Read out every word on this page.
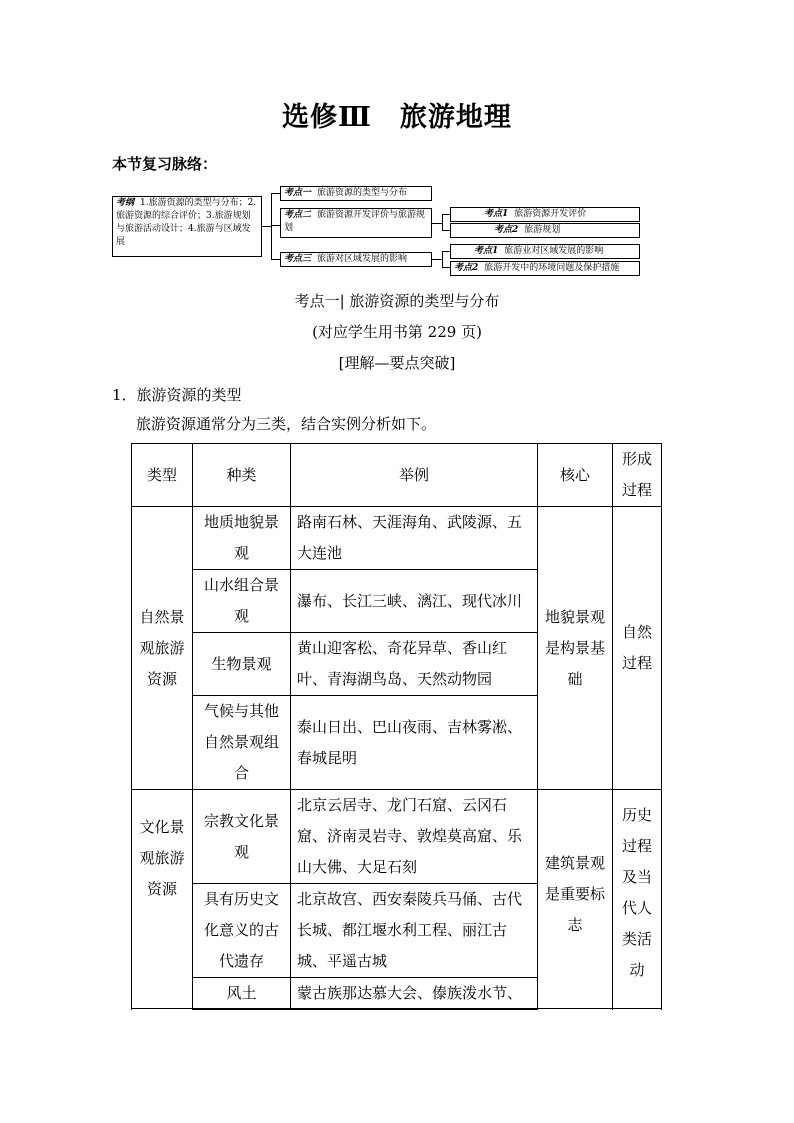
选修Ⅲ　旅游地理
本节复习脉络：
考纲 1.旅游资源的类型与分布；2.旅游资源的综合评价；3.旅游规划与旅游活动设计；4.旅游与区域发展
考点一 旅游资源的类型与分布
考点二 旅游资源开发评价与旅游规划
考点三 旅游对区域发展的影响
考点1 旅游资源开发评价
考点2 旅游规划
考点1 旅游业对区域发展的影响
考点2 旅游开发中的环境问题及保护措施
考点一| 旅游资源的类型与分布
(对应学生用书第 229 页)
[理解—要点突破]
1．旅游资源的类型
旅游资源通常分为三类，结合实例分析如下。
类型	种类	举例	核心	形成过程
自然景观旅游资源	地质地貌景观	路南石林、天涯海角、武陵源、五大连池	地貌景观是构景基础	自然过程
	山水组合景观	瀑布、长江三峡、漓江、现代冰川		
	生物景观	黄山迎客松、奇花异草、香山红叶、青海湖鸟岛、天然动物园		
	气候与其他自然景观组合	泰山日出、巴山夜雨、吉林雾凇、春城昆明		
文化景观旅游资源	宗教文化景观	北京云居寺、龙门石窟、云冈石窟、济南灵岩寺、敦煌莫高窟、乐山大佛、大足石刻	建筑景观是重要标志	历史过程及当代人类活动
	具有历史文化意义的古代遗存	北京故宫、西安秦陵兵马俑、古代长城、都江堰水利工程、丽江古城、平遥古城		
	风土	蒙古族那达慕大会、傣族泼水节、		
